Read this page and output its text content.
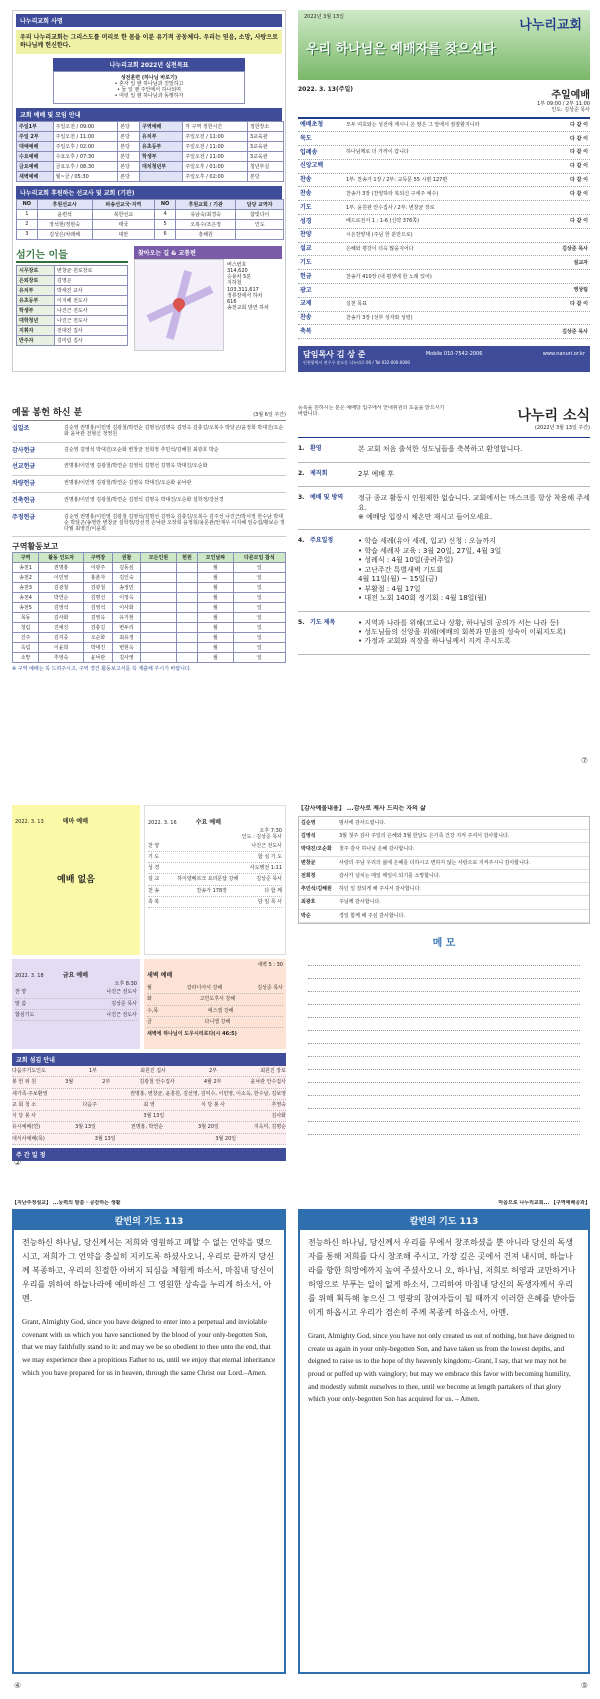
나누리교회 사명
우리 나누리교회는 그리스도를 머리로 한 몸을 이룬 유기적 공동체다. 우리는 믿음, 소망, 사랑으로 하나님께 헌신한다.
나누리교회 2022년 실천목표
성전훈련 (하나님 바로기)
• 혼자 일 땐 하나님과 친밀하고
• 둘 일 땐 주안에서 하나되며
• 여럿 일 땐 하나님과 동행하자
교회 예배 및 모임 안내
주일1부	주일오전 / 09:00	본당	구역예배	각 구역 정한시간	정한장소
주일 2부	주일오전 / 11:00	본당	유치부	주일오전 / 11:00	3교육관
대예예배	주일오후 / 02:00	본당	유초등부	주일오전 / 11:00	3교육관
수요예배	수요오후 / 07:30	본당	학생부	주일오전 / 11:00	3교육관
금요예배	금요오후 / 08:30	본당	대치청년부	주일오후 / 01:00	청년부실
새벽예배	월~금 / 05:30	본당		주일오후 / 02:00	본당
나누리교회 후원하는 선교사 및 교회 (기관)
NO	후원선교사	파송선교국·지역	NO	후원교회 / 기관	담당 교역자
1	윤련석	북한선교	4	유남숙/최경숙	참빛다이
2	장석현/정현숙	태국	5	오복수/조은정	인도
3	김성은/차래해	대만	6	흥해원	
섬기는 이들
시무장로	변창균 원로장로
은퇴장로	김영곤
유치부	박세진 교사
유초등부	이지혜 전도사
학생부	나진근 전도사
대학청년	나진근 전도사
지휘자	전대진 집사
반주자	김미림 집사
찾아오는 길 & 교통편
버스번호
314,620
승용차 5분
지하철
103,311,617
정류장에서 하차
616
송천교회 방면 하차
2022년 3월 13일
나누리교회
우리 하나님은 예배자를 찾으신다
2022. 3. 13(주일)
주일예배
1부 09:00 / 2부 11:00
인도: 김상준 목사
예배초청	모두 여호와는 성전에 계시니 온 땅은 그 앞에서 잠잠할지니라	다 같 이
묵도	다 같 이
입례송	하나님께로 더 가까이 갑니다	다 같 이
신앙고백	다 같 이
찬송	1부: 찬송가 1장 / 2부: 교독문 55 시편 127편	다 같 이
찬송	찬송가 3장 (찬양하라 복되신 구세주 예수)	다 같 이
기도	1부: 윤원관 안수집사 / 2부: 변창균 장로
성경	베드로전서 1 : 1-6 (신약 376쪽)	다 같 이
찬양	시온찬양대 (주님 한 분만으로)
설교	은혜와 평강이 더욱 많을지어다	김상준 목사
기도	설교자
헌금	찬송가 410장 (내 평생에 한 노래 있어)
광고	영상팀
교제	실천 목표	다 같 이
찬송	찬송가 3장 (성부 성자와 성령)
축복	김상준 목사
담임목사 김 상 준	Mobile 010-7542-2006	www.nanuri.or.kr
인천광역시 연수구 송도동 나누리로 00 / Tel 032-000-0000
예물 봉헌 하신 분	(3월 6일 주간)
십일조	김순영 권명홍/이민영 김광철/박연순 김명선/김명옥 김영옥 김충길/오복수 박달곤/윤정희 박대진/오순화 윤낙관 전형신 정영원
감사헌금	김순영 김영석 박대진/오순화 변창균 전희정 추민석/김혜원 최광호 박순
선교헌금	권명홍/이민영 김광철/박연순 김영석 김명선 김명옥 박대진/오순화
차량헌금	권명홍/이민영 김광철/박연순 김영옥 박대진/오순화 윤낙관
건축헌금	권명홍/이민영 김광철/박연순 김영석 김명옥 박대진/오순화 설학정/강선경
주정헌금	김순영 권명홍/이민영 김광철 김영석/김명선 김영옥 김충길/오복수 김주성 나진근/박서정 한수남 박대순 박달곤/송영란 변창균 설학정/강선경 손낙관 오장희 윤정희/용문관/안재우 이지혜 임승섭/황보순 정다월 최영진/이윤희
구역활동보고
구역	활동 인도자	구역장	권찰	모든인원	현원	모인날짜	다른모임 참석
송천1	권명홍	이광주	김동심			월	일
송천2	이민영	홍춘자	김인숙			월	일
송천3	김광철	김광철	송정민			월	일
송천4	박연순	김명선	이정옥			월	일
송천5	김영석	김영석	이사화			월	일
목동	김사화	김영옥	유기현			월	일
청림	진예진	김충길	변두리			월	일
진주	김지중	오순화	최유정			월	일
옥림	이윤희	박대진	변현옥			월	일
소망	추영숙	윤낙관	김사영			월	일
※ 구역 예배는 꼭 드려주시고, 구역 경건 활동보고서를 꼭 제출해 주시기 바랍니다.
등록을 원하시는 분은 예배당 입구에서 안내위원의 도움을 받으시기 바랍니다.	나누리 소식
(2022년 3월 13일 주간)
1. 환영	본 교회 처음 출석한 성도님들을 축복하고 환영합니다.
2. 제직회	2부 예배 후
3. 예배 및 방역	정규 종교 활동시 인원제한 없습니다. 교회에서는 마스크를 항상 착용해 주세요.
※ 예배당 입장시 체온만 재시고 들어오세요.
4. 주요일정	• 학습 세례(유아 세례, 입교) 신청 : 오늘까지
• 학습 세례자 교육 : 3월 20일, 27일, 4월 3일
• 성례식 : 4월 10일(종려주일)
• 고난주간 특별새벽 기도회
4월 11일(월) ~ 15일(금)
• 부활절 : 4월 17일
• 대전 노회 140회 정기회 : 4월 18일(월)
5. 기도 제목	• 지역과 나라를 위해(코로나 상황, 하나님의 공의가 서는 나라 등)
• 성도님들의 신앙을 위해(예배의 회복과 믿음의 성숙이 이뤄지도록)
• 가정과 교회와 직장을 하나님께서 지켜 주시도록
⑦
2022. 3. 13	테마 예배
예배 없음
2022. 3. 16	수요 예배
오후 7:30
인도 : 김상준 목사
찬 양	나진근 전도사
기 도	합 심 기 도
성 경	사도행전 1:11
설 교	하이델베르크 요리문답 강해	김상준 목사
찬 송	찬송가 178장	다 함 께
축 복	담 임 목 사
2022. 3. 18	금요 예배
오후 8:30
찬 양	나진근 전도사
말 씀	김상준 목사
합심기도	나진근 전도사
새벽 예배
새벽 5 : 30
월	갈라디아서 강해	김상준 목사
화	고린도후서 강해
수,목	에스겔 강해
금	다니엘 강해
새벽에 하나님이 도우시리로다(시 46:5)
교회 섬김 안내
다음주기도인도	1부	최원진 집사	2부	최원진 장로
봉 헌 위 원	3월	2부	김광철 안수집사	4월 2부	윤낙관 안수집사
새가족·주보환영	권명홍, 변창균, 윤흥원, 김선영, 김익수, 이민영, 이소옥, 한수남, 김보영
교 회 청 소	다음주	최 영	식 당 봉 사	추영숙
식 당 봉 사	3월 13일	김사화
유시예배(연)	3월 13일	권명홍, 박연순	3월 20일	지옥미, 김명순
대식사예배(목)	3월 13일	3월 20일
주 간 일 정
②
【감사예물내용】 ...감사로 제사 드리는 자의 삶
김순영	범사에 감사드립니다.
김영석	3월 첫주 감사 주일의 은혜와 3월 한달도 은가족 건강 지켜 주셔서 감사합니다.
박대진/오순화	첫주 감사 하나님 은혜 감사합니다.
변창균	사랑의 주님 우리의 삶에 은혜를 더하시고 변하지 않는 사랑으로 지켜주시니 감사합니다.
전희정	감사가 넘치는 매일 매일이 되기를 소망합니다.
추민석/김혜원	하던 일 잘되게 해 주셔서 감사합니다.
최광호	주님께 감사합니다.
박순	경일 함께 해 주심 감사합니다.
메 모
【지난주정설교】 ...능력의 말씀 · 공감하는 생활
칼빈의 기도 113
전능하신 하나님, 당신께서는 저희와 영원하고 폐할 수 없는 언약을 맺으시고, 저희가 그 언약을 충실히 지키도록 하셨사오니, 우리로 끝까지 당신께 복종하고, 우리의 친절한 아버지 되심을 체험케 하소서, 마침내 당신이 우리를 위하여 하늘나라에 예비하신 그 영원한 상속을 누리게 하소서, 아멘.
Grant, Almighty God, since you have deigned to enter into a perpetual and inviolable covenant with us which you have sanctioned by the blood of your only-begotten Son, that we may faithfully stand to it: and may we be so obedient to thee unto the end, that we may experience thee a propitious Father to us, until we enjoy that eternal inheritance which you have prepared for us in heaven, through the same Christ our Lord.–Amen.
④
마음으로 나누리교회... 【구역예배공과】
칼빈의 기도 113
전능하신 하나님, 당신께서 우리를 무에서 창조하셨을 뿐 아니라 당신의 독생자를 통해 저희를 다시 창조해 주시고, 가장 깊은 곳에서 건져 내시며, 하늘나라를 향한 희망에까지 높여 주셨사오니 오, 하나님, 저희로 허영과 교만하거나 허영으로 부푸는 일이 없게 하소서, 그리하여 마침내 당신의 독생자께서 우리를 위해 획득해 놓으신 그 영광의 참여자들이 될 때까지 이러한 은혜를 받아들이게 하옵시고 우리가 겸손히 주께 복종케 하옵소서, 아멘.
Grant, Almighty God, since you have not only created us out of nothing, but have deigned to create us again in your only-begotten Son, and have taken us from the lowest depths, and deigned to raise us to the hope of thy heavenly kingdom;–Grant, I say, that we may not be proud or puffed up with vainglory; but may we embrace this favor with becoming humility, and modestly submit ourselves to thee, until we become at length partakers of that glory which your only-begotten Son has acquired for us. – Amen.
⑤
